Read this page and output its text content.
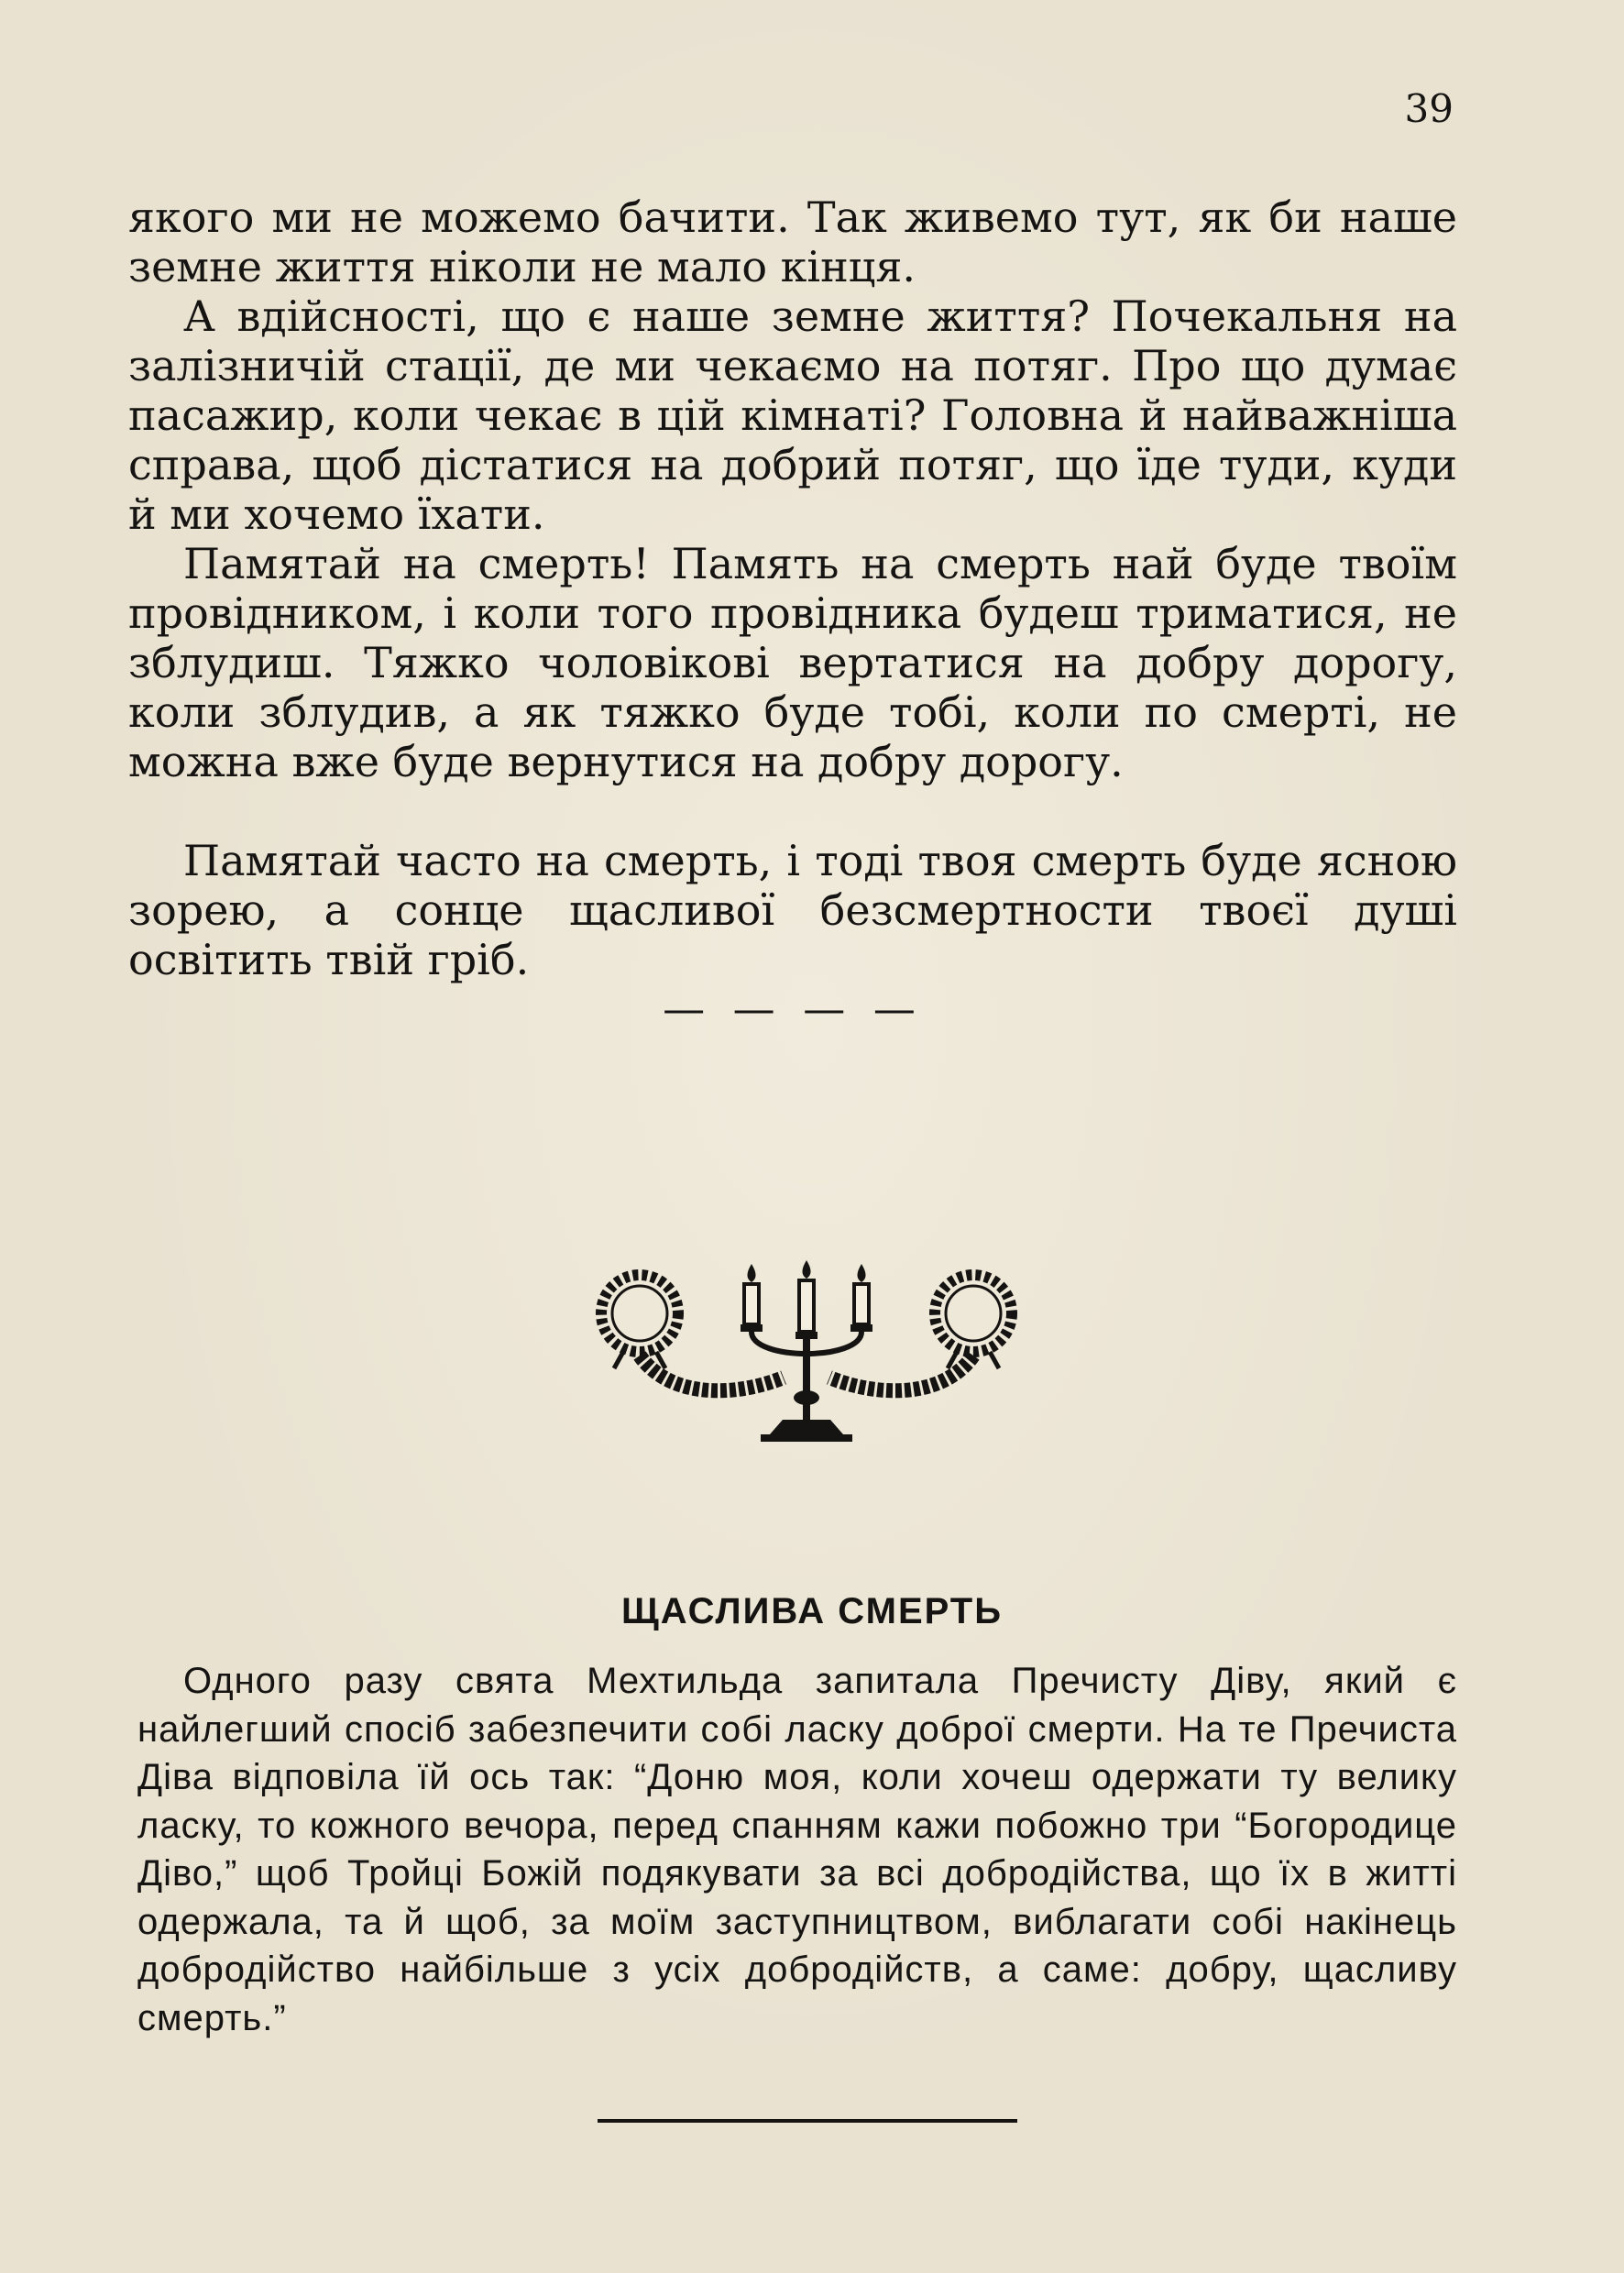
39

якого ми не можемо бачити. Так живемо тут, як би наше земне життя ніколи не мало кінця.

А вдійсності, що є наше земне життя? Почекальня на залізничій стації, де ми чекаємо на потяг. Про що думає пасажир, коли чекає в цій кімнаті? Головна й найважніша справа, щоб дістатися на добрий потяг, що їде туди, куди й ми хочемо їхати.

Памятай на смерть! Память на смерть най буде твоїм провідником, і коли того провідника будеш триматися, не зблудиш. Тяжко чоловікові вертатися на добру дорогу, коли зблудив, а як тяжко буде тобі, коли по смерті, не можна вже буде вернутися на добру дорогу.

Памятай часто на смерть, і тоді твоя смерть буде ясною зорею, а сонце щасливої безсмертности твоєї душі освітить твій гріб.

— — — —
ЩАСЛИВА СМЕРТЬ

Одного разу свята Мехтильда запитала Пречисту Діву, який є найлегший спосіб забезпечити собі ласку доброї смерти. На те Пречиста Діва відповіла їй ось так: “Доню моя, коли хочеш одержати ту велику ласку, то кожного вечора, перед спанням кажи побожно три “Богородице Діво,” щоб Тройці Божій подякувати за всі добродійства, що їх в житті одержала, та й щоб, за моїм заступництвом, виблагати собі накінець добродійство найбільше з усіх добродійств, а саме: добру, щасливу смерть.”
